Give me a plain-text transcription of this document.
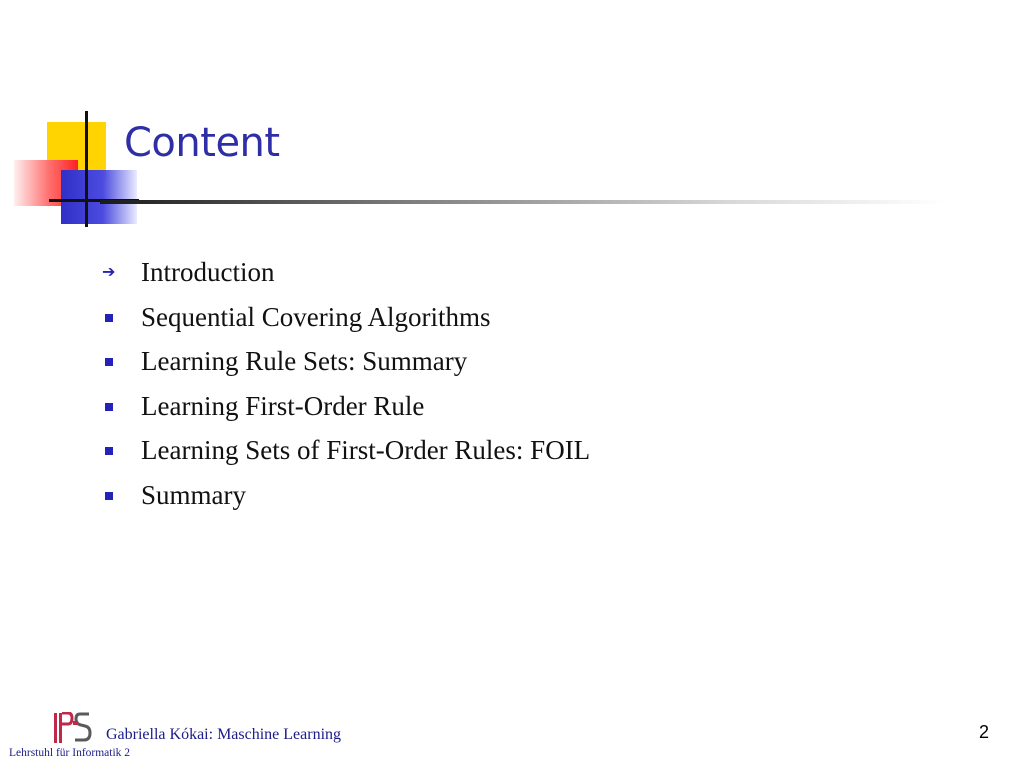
Content
➔ Introduction
Sequential Covering Algorithms
Learning Rule Sets: Summary
Learning First-Order Rule
Learning Sets of First-Order Rules: FOIL
Summary
Gabriella Kókai: Maschine Learning
Lehrstuhl für Informatik 2
2
